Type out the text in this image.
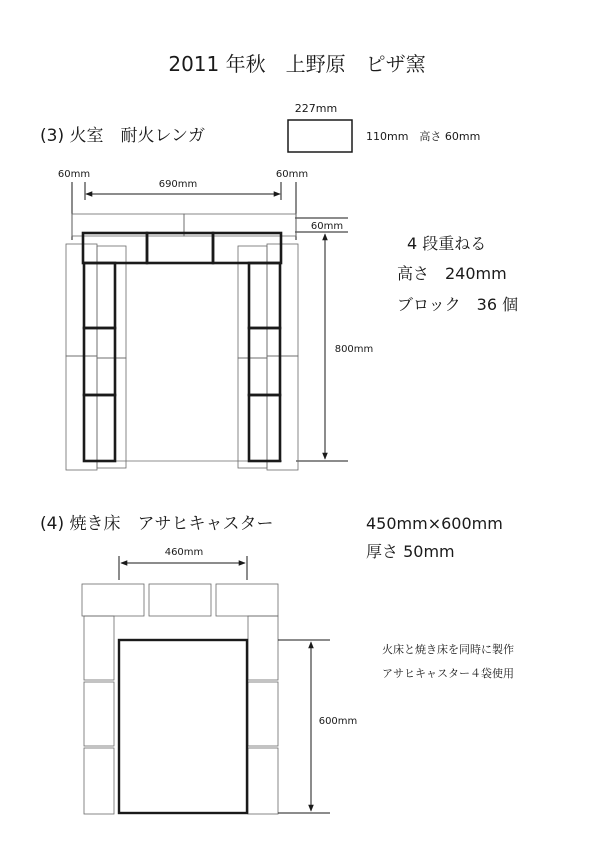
2011 年秋　上野原　ピザ窯
(3) 火室　耐火レンガ
227mm
110mm　高さ 60mm
60mm
690mm
60mm
60mm
800mm
4 段重ねる
高さ　240mm
ブロック　36 個
(4) 焼き床　アサヒキャスター	450mm×600mm
厚さ 50mm
460mm
600mm
火床と焼き床を同時に製作
アサヒキャスター４袋使用
